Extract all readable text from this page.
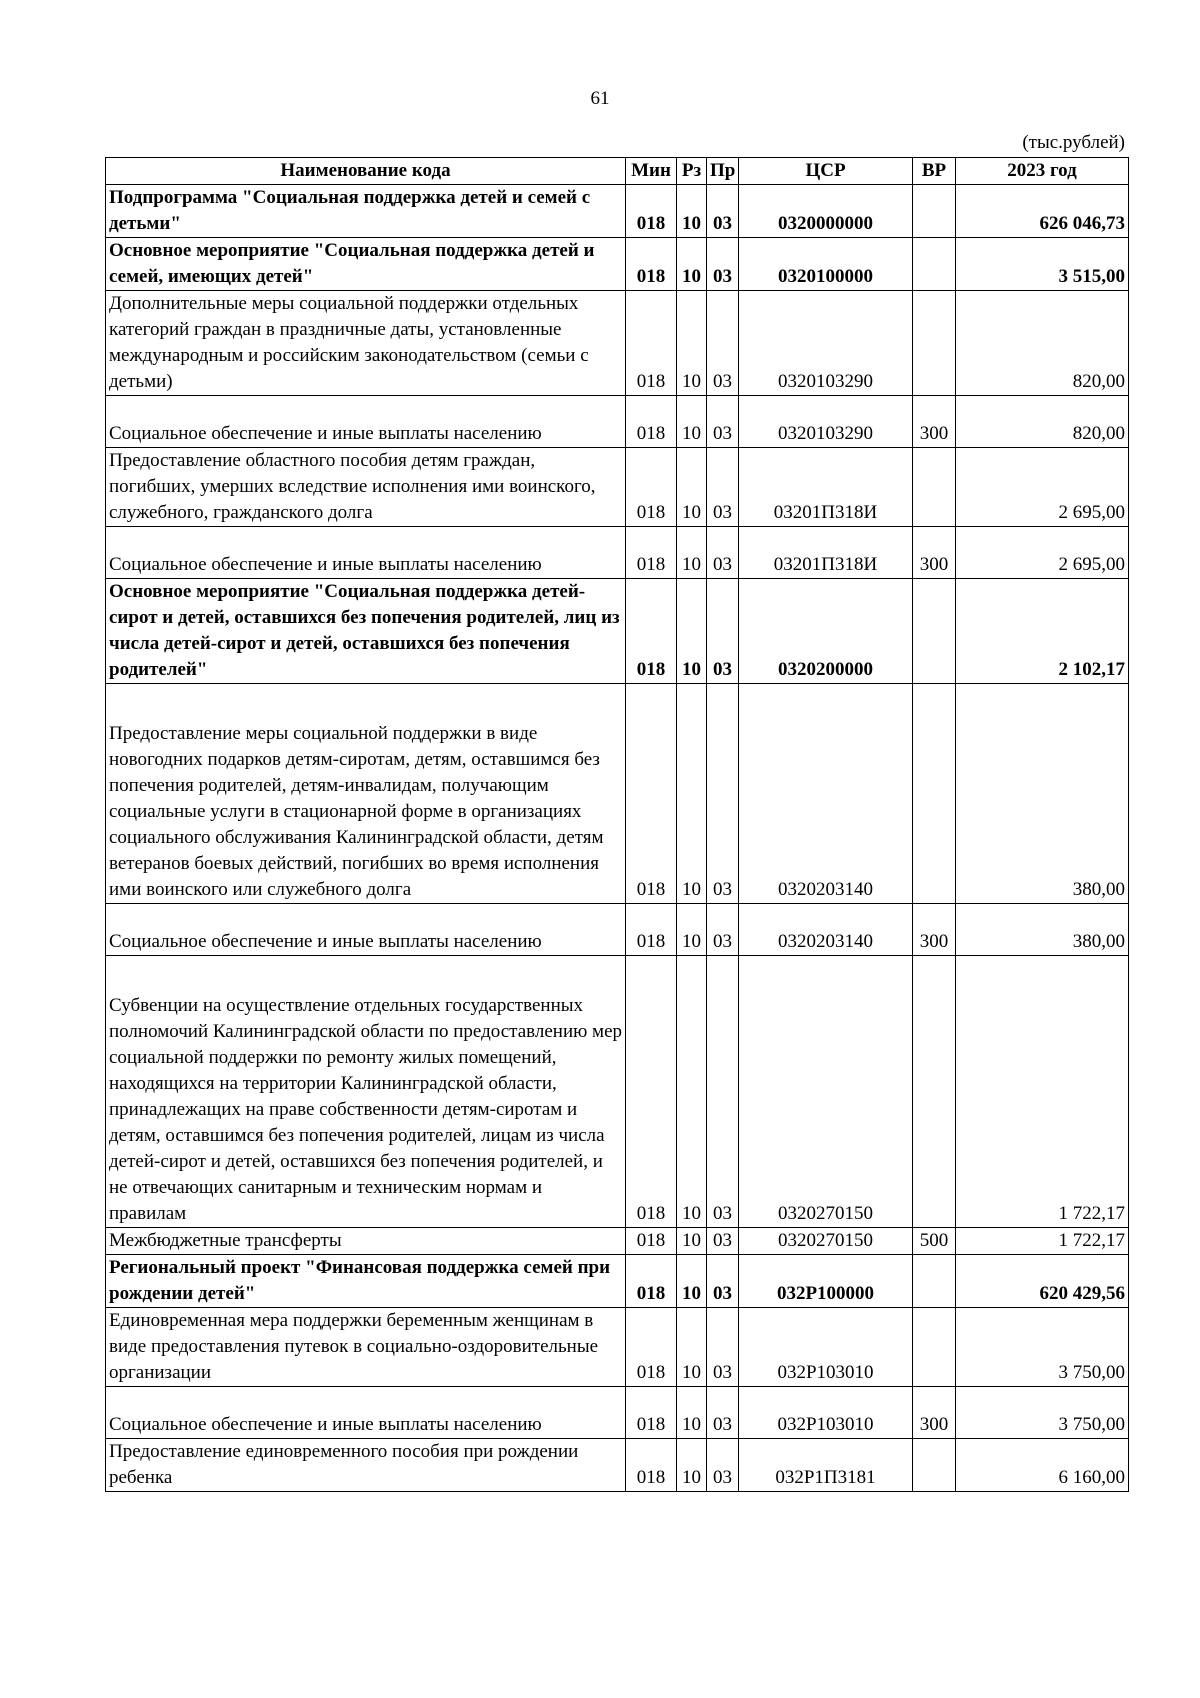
61
(тыс.рублей)
Наименование кода	Мин	Рз	Пр	ЦСР	ВР	2023 год
Подпрограмма "Социальная поддержка детей и семей с детьми"	018	10	03	0320000000		626 046,73
Основное мероприятие "Социальная поддержка детей и семей, имеющих детей"	018	10	03	0320100000		3 515,00
Дополнительные меры социальной поддержки отдельных категорий граждан в праздничные даты, установленные международным и российским законодательством (семьи с детьми)	018	10	03	0320103290		820,00
Социальное обеспечение и иные выплаты населению	018	10	03	0320103290	300	820,00
Предоставление областного пособия детям граждан, погибших, умерших вследствие исполнения ими воинского, служебного, гражданского долга	018	10	03	03201П318И		2 695,00
Социальное обеспечение и иные выплаты населению	018	10	03	03201П318И	300	2 695,00
Основное мероприятие "Социальная поддержка детей-сирот и детей, оставшихся без попечения родителей, лиц из числа детей-сирот и детей, оставшихся без попечения родителей"	018	10	03	0320200000		2 102,17
Предоставление меры социальной поддержки в виде новогодних подарков детям-сиротам, детям, оставшимся без попечения родителей, детям-инвалидам, получающим социальные услуги в стационарной форме в организациях социального обслуживания Калининградской области, детям ветеранов боевых действий, погибших во время исполнения ими воинского или служебного долга	018	10	03	0320203140		380,00
Социальное обеспечение и иные выплаты населению	018	10	03	0320203140	300	380,00
Субвенции на осуществление отдельных государственных полномочий Калининградской области по предоставлению мер социальной поддержки по ремонту жилых помещений, находящихся на территории Калининградской области, принадлежащих на праве собственности детям-сиротам и детям, оставшимся без попечения родителей, лицам из числа детей-сирот и детей, оставшихся без попечения родителей, и не отвечающих санитарным и техническим нормам и правилам	018	10	03	0320270150		1 722,17
Межбюджетные трансферты	018	10	03	0320270150	500	1 722,17
Региональный проект "Финансовая поддержка семей при рождении детей"	018	10	03	032P100000		620 429,56
Единовременная мера поддержки беременным женщинам в виде предоставления путевок в социально-оздоровительные организации	018	10	03	032P103010		3 750,00
Социальное обеспечение и иные выплаты населению	018	10	03	032P103010	300	3 750,00
Предоставление единовременного пособия при рождении ребенка	018	10	03	032P1П3181		6 160,00
